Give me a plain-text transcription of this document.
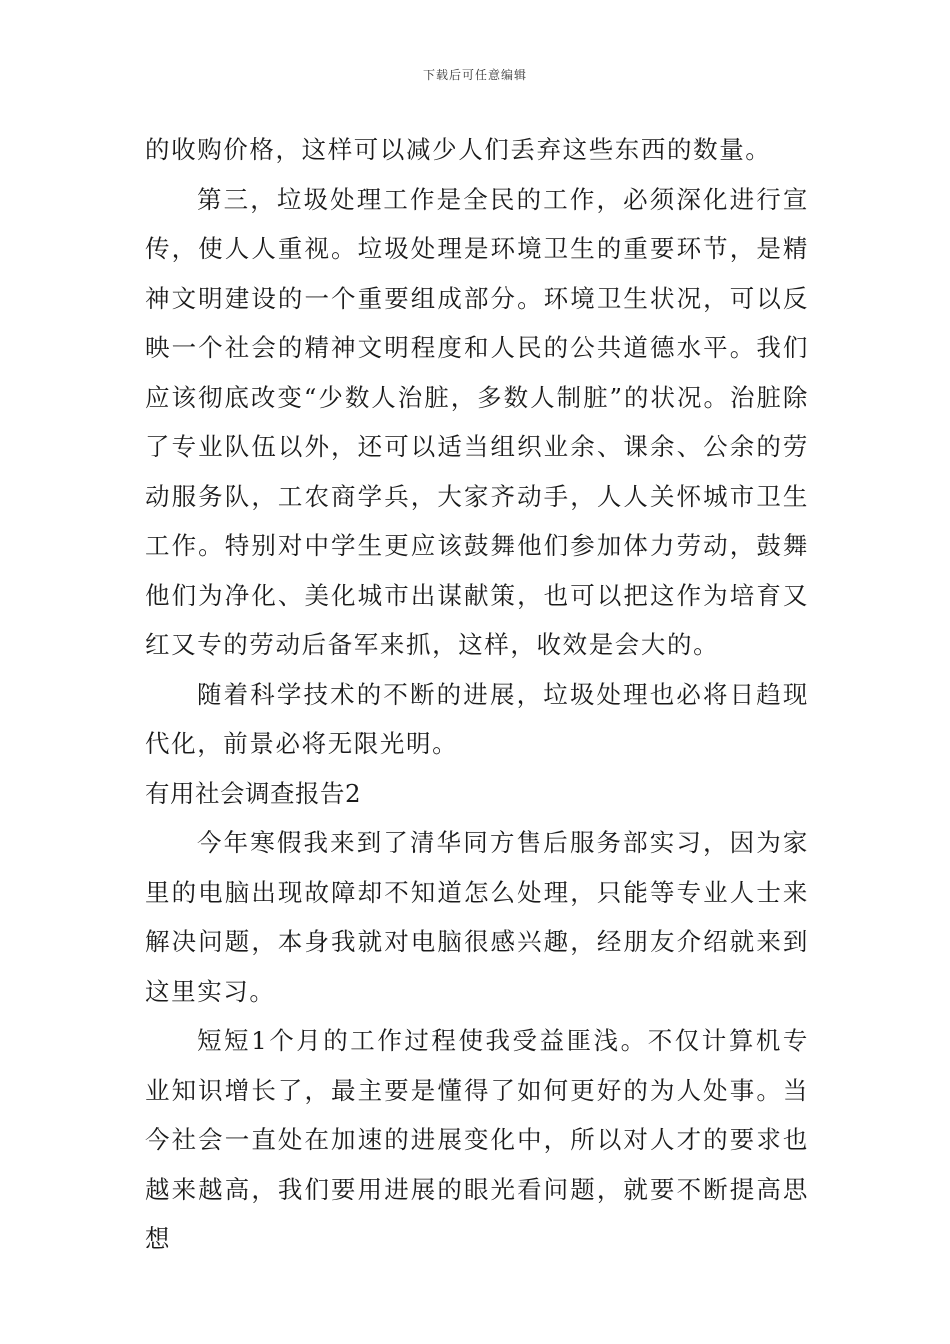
下载后可任意编辑

的收购价格，这样可以减少人们丢弃这些东西的数量。

第三，垃圾处理工作是全民的工作，必须深化进行宣传，使人人重视。垃圾处理是环境卫生的重要环节，是精神文明建设的一个重要组成部分。环境卫生状况，可以反映一个社会的精神文明程度和人民的公共道德水平。我们应该彻底改变“少数人治脏，多数人制脏”的状况。治脏除了专业队伍以外，还可以适当组织业余、课余、公余的劳动服务队，工农商学兵，大家齐动手，人人关怀城市卫生工作。特别对中学生更应该鼓舞他们参加体力劳动，鼓舞他们为净化、美化城市出谋献策，也可以把这作为培育又红又专的劳动后备军来抓，这样，收效是会大的。

随着科学技术的不断的进展，垃圾处理也必将日趋现代化，前景必将无限光明。

有用社会调查报告2

今年寒假我来到了清华同方售后服务部实习，因为家里的电脑出现故障却不知道怎么处理，只能等专业人士来解决问题，本身我就对电脑很感兴趣，经朋友介绍就来到这里实习。

短短1个月的工作过程使我受益匪浅。不仅计算机专业知识增长了，最主要是懂得了如何更好的为人处事。当今社会一直处在加速的进展变化中，所以对人才的要求也越来越高，我们要用进展的眼光看问题，就要不断提高思想
